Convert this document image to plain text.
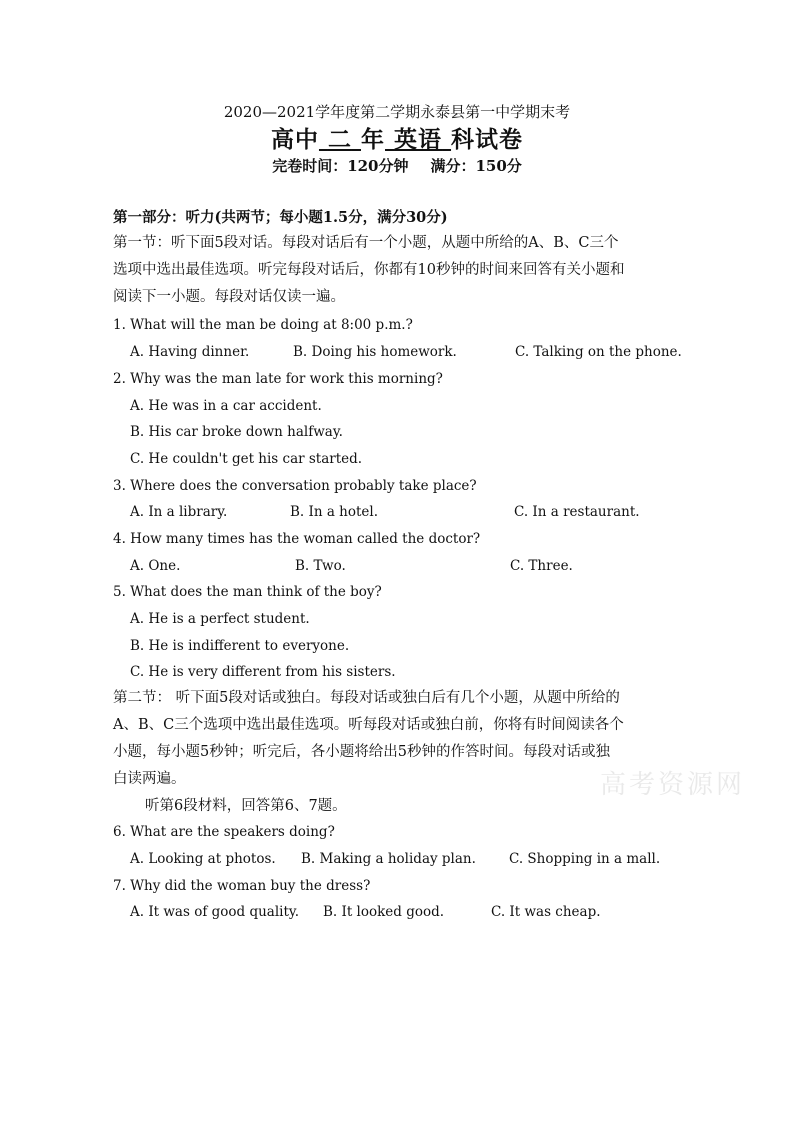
2020—2021学年度第二学期永泰县第一中学期末考
高中 二 年 英语 科试卷
完卷时间：120分钟 满分：150分
第一部分：听力(共两节；每小题1.5分，满分30分)
第一节：听下面5段对话。每段对话后有一个小题，从题中所给的A、B、C三个
选项中选出最佳选项。听完每段对话后，你都有10秒钟的时间来回答有关小题和
阅读下一小题。每段对话仅读一遍。
1. What will the man be doing at 8:00 p.m.?
A. Having dinner.	B. Doing his homework.	C. Talking on the phone.
2. Why was the man late for work this morning?
A. He was in a car accident.
B. His car broke down halfway.
C. He couldn't get his car started.
3. Where does the conversation probably take place?
A. In a library.	B. In a hotel.	C. In a restaurant.
4. How many times has the woman called the doctor?
A. One.	B. Two.	C. Three.
5. What does the man think of the boy?
A. He is a perfect student.
B. He is indifferent to everyone.
C. He is very different from his sisters.
第二节： 听下面5段对话或独白。每段对话或独白后有几个小题，从题中所给的
A、B、C三个选项中选出最佳选项。听每段对话或独白前，你将有时间阅读各个
小题，每小题5秒钟；听完后，各小题将给出5秒钟的作答时间。每段对话或独
白读两遍。
听第6段材料，回答第6、7题。
6. What are the speakers doing?
A. Looking at photos. B. Making a holiday plan. C. Shopping in a mall.
7. Why did the woman buy the dress?
A. It was of good quality. B. It looked good.	C. It was cheap.
高考资源网
